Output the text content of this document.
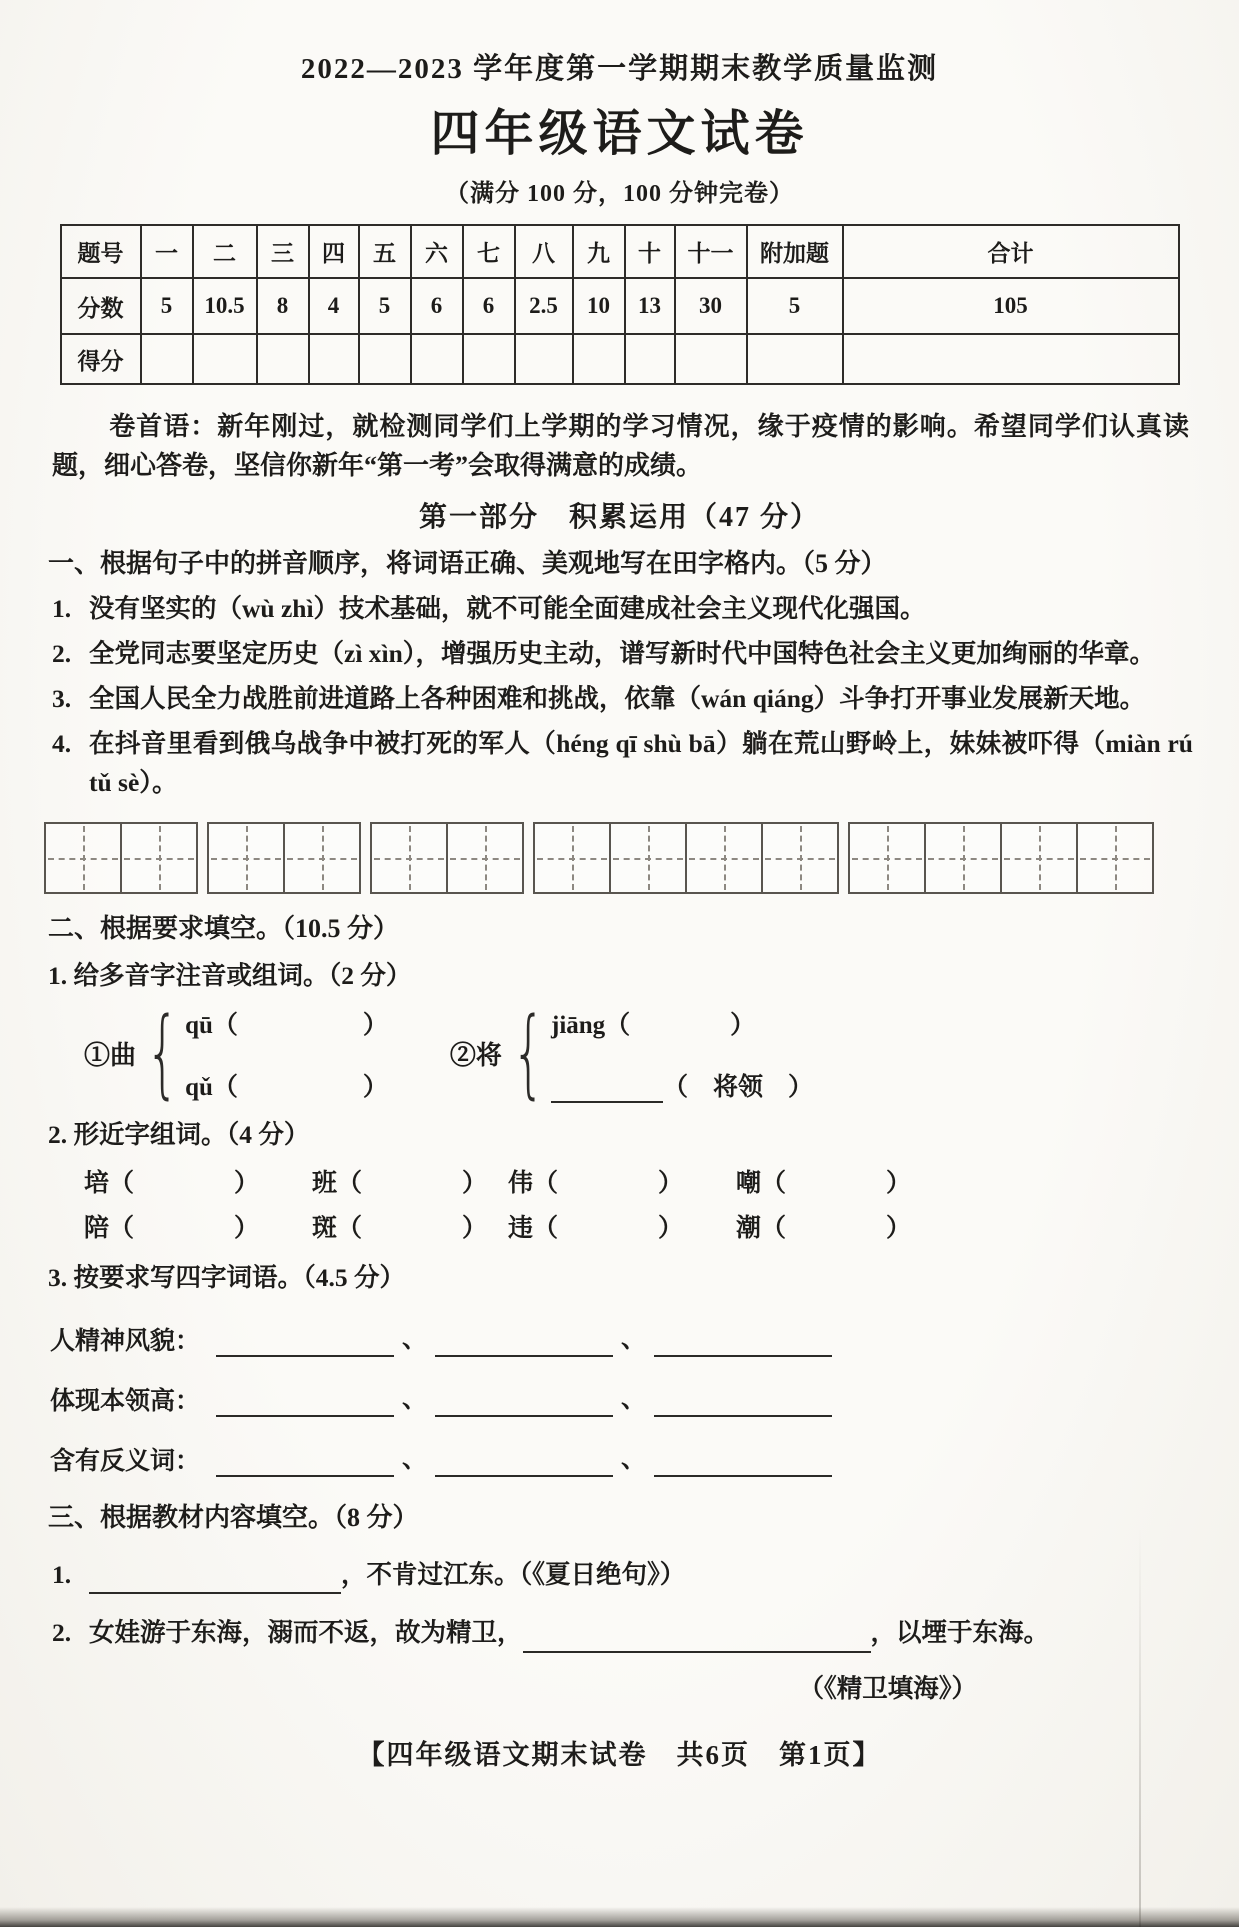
2022—2023 学年度第一学期期末教学质量监测
四年级语文试卷
（满分 100 分，100 分钟完卷）
题号	一	二	三	四	五	六	七	八	九	十	十一	附加题	合计
分数	5	10.5	8	4	5	6	6	2.5	10	13	30	5	105
得分													

卷首语：新年刚过，就检测同学们上学期的学习情况，缘于疫情的影响。希望同学们认真读题，细心答卷，坚信你新年“第一考”会取得满意的成绩。

第一部分　积累运用（47 分）
一、根据句子中的拼音顺序，将词语正确、美观地写在田字格内。（5 分）
1. 没有坚实的（wù zhì）技术基础，就不可能全面建成社会主义现代化强国。
2. 全党同志要坚定历史（zì xìn），增强历史主动，谱写新时代中国特色社会主义更加绚丽的华章。
3. 全国人民全力战胜前进道路上各种困难和挑战，依靠（wán qiáng）斗争打开事业发展新天地。
4. 在抖音里看到俄乌战争中被打死的军人（héng qī shù bā）躺在荒山野岭上，妹妹被吓得（miàn rú tǔ sè）。
二、根据要求填空。（10.5 分）
1. 给多音字注音或组词。（2 分）
①曲 { qū（　　　　　）
qǔ（　　　　　）
②将 { jiāng（　　　　）
（　将领　）
2. 形近字组词。（4 分）
培（　　　　）	班（　　　　） 伟（　　　　）	嘲（　　　　）
陪（　　　　）	斑（　　　　） 违（　　　　）	潮（　　　　）
3. 按要求写四字词语。（4.5 分）
人精神风貌：	、	、
体现本领高：	、	、
含有反义词：	、	、
三、根据教材内容填空。（8 分）
1.	，不肯过江东。（《夏日绝句》）
2. 女娃游于东海，溺而不返，故为精卫，	，以堙于东海。
（《精卫填海》）
【四年级语文期末试卷　共6页　第1页】
